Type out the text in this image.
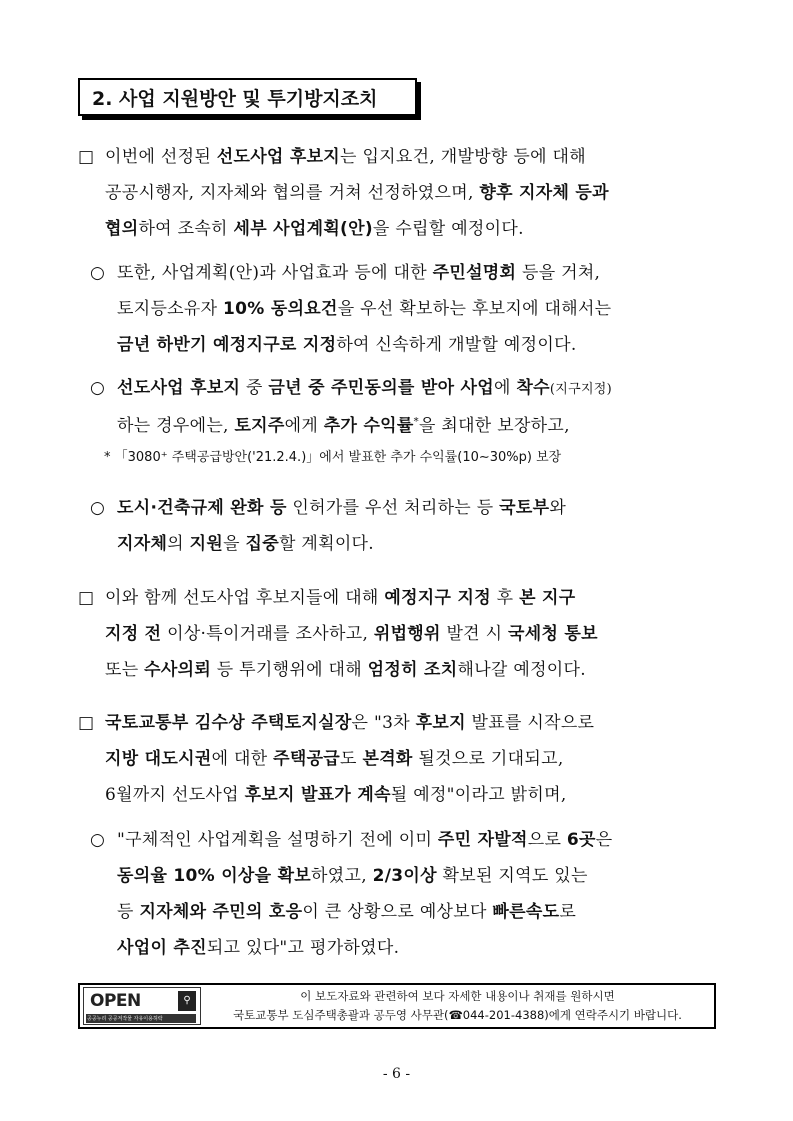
2. 사업 지원방안 및 투기방지조치
□ 이번에 선정된 선도사업 후보지는 입지요건, 개발방향 등에 대해
공공시행자, 지자체와 협의를 거쳐 선정하였으며, 향후 지자체 등과
협의하여 조속히 세부 사업계획(안)을 수립할 예정이다.
○ 또한, 사업계획(안)과 사업효과 등에 대한 주민설명회 등을 거쳐,
토지등소유자 10% 동의요건을 우선 확보하는 후보지에 대해서는
금년 하반기 예정지구로 지정하여 신속하게 개발할 예정이다.
○ 선도사업 후보지 중 금년 중 주민동의를 받아 사업에 착수(지구지정)
하는 경우에는, 토지주에게 추가 수익률*을 최대한 보장하고,
* 「3080⁺ 주택공급방안('21.2.4.)」에서 발표한 추가 수익률(10∼30%p) 보장
○ 도시·건축규제 완화 등 인허가를 우선 처리하는 등 국토부와
지자체의 지원을 집중할 계획이다.
□ 이와 함께 선도사업 후보지들에 대해 예정지구 지정 후 본 지구
지정 전 이상·특이거래를 조사하고, 위법행위 발견 시 국세청 통보
또는 수사의뢰 등 투기행위에 대해 엄정히 조치해나갈 예정이다.
□ 국토교통부 김수상 주택토지실장은 "3차 후보지 발표를 시작으로
지방 대도시권에 대한 주택공급도 본격화 될것으로 기대되고,
6월까지 선도사업 후보지 발표가 계속될 예정"이라고 밝히며,
○ "구체적인 사업계획을 설명하기 전에 이미 주민 자발적으로 6곳은
동의율 10% 이상을 확보하였고, 2/3이상 확보된 지역도 있는
등 지자체와 주민의 호응이 큰 상황으로 예상보다 빠른속도로
사업이 추진되고 있다"고 평가하였다.
OPEN	⚲
공공누리 공공저작물 자유이용허락
이 보도자료와 관련하여 보다 자세한 내용이나 취재를 원하시면
국토교통부 도심주택총괄과 공두영 사무관(☎044-201-4388)에게 연락주시기 바랍니다.
- 6 -
